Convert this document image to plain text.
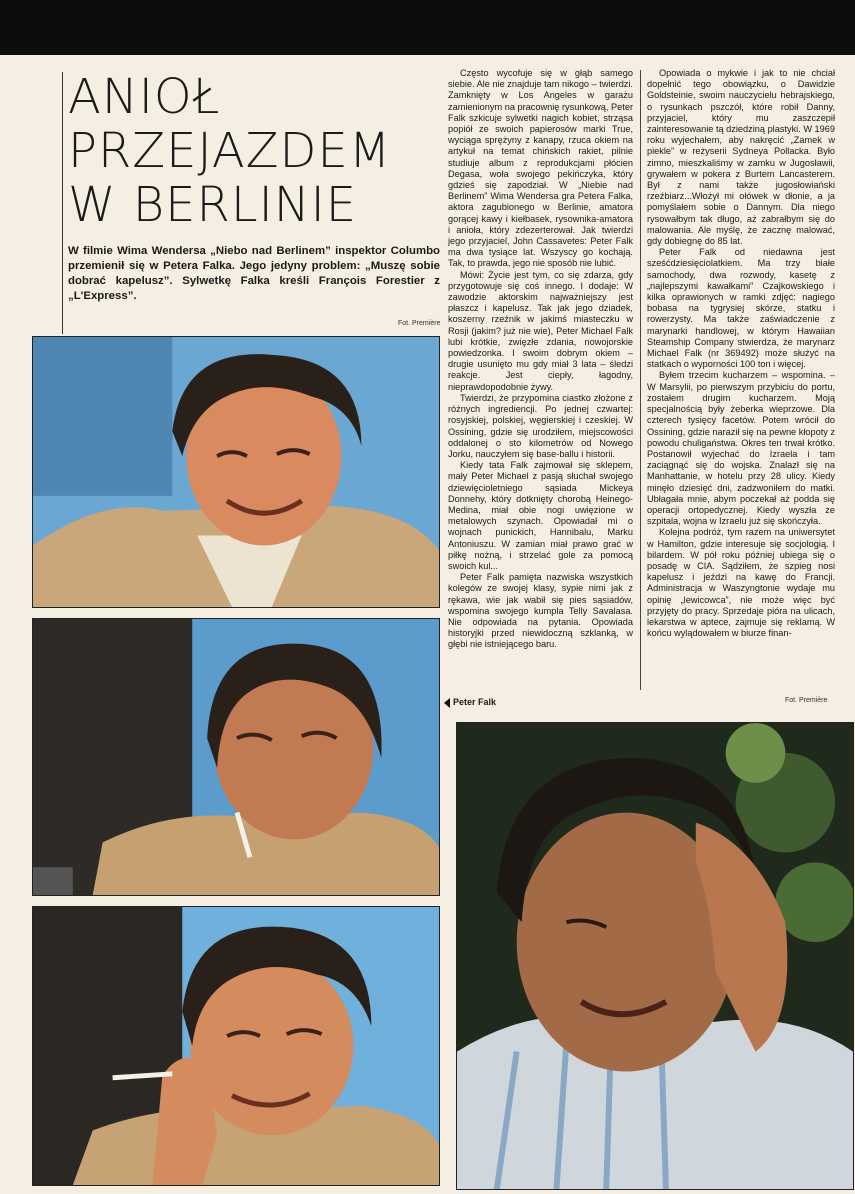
ANIOŁ
PRZEJAZDEM
W BERLINIE

W filmie Wima Wendersa „Niebo nad Berlinem” inspektor Columbo przemienił się w Petera Falka. Jego jedyny problem: „Muszę sobie dobrać kapelusz”. Sylwetkę Falka kreśli François Forestier z „L'Express”.

Fot. Première

Często wycofuje się w głąb samego siebie. Ale nie znajduje tam nikogo – twierdzi. Zamknięty w Los Angeles w garażu zamienionym na pracownię rysunkową, Peter Falk szkicuje sylwetki nagich kobiet, strząsa popiół ze swoich papierosów marki True, wyciąga sprężyny z kanapy, rzuca okiem na artykuł na temat chińskich rakiet, pilnie studiuje album z reprodukcjami płócien Degasa, woła swojego pekińczyka, który gdzieś się zapodział. W „Niebie nad Berlinem” Wima Wendersa gra Petera Falka, aktora zagubionego w Berlinie, amatora gorącej kawy i kiełbasek, rysownika-amatora i anioła, który zdezerterował. Jak twierdzi jego przyjaciel, John Cassavetes: Peter Falk ma dwa tysiące lat. Wszyscy go kochają. Tak, to prawda, jego nie sposób nie lubić.

Mówi: Życie jest tym, co się zdarza, gdy przygotowuje się coś innego. I dodaje: W zawodzie aktorskim najważniejszy jest płaszcz i kapelusz. Tak jak jego dziadek, koszerny rzeźnik w jakimś miasteczku w Rosji (jakim? już nie wie), Peter Michael Falk lubi krótkie, zwięzłe zdania, nowojorskie powiedzonka. I swoim dobrym okiem – drugie usunięto mu gdy miał 3 lata – śledzi reakcje. Jest ciepły, łagodny, nieprawdopodobnie żywy.

Twierdzi, że przypomina ciastko złożone z różnych ingrediencji. Po jednej czwartej: rosyjskiej, polskiej, węgierskiej i czeskiej. W Ossining, gdzie się urodziłem, miejscowości oddalonej o sto kilometrów od Nowego Jorku, nauczyłem się base-ballu i historii.

Kiedy tata Falk zajmował się sklepem, mały Peter Michael z pasją słuchał swojego dziewięcioletniego sąsiada Mickeya Donnehy, który dotknięty chorobą Heinego-Medina, miał obie nogi uwięzione w metalowych szynach. Opowiadał mi o wojnach punickich, Hannibalu, Marku Antoniuszu. W zamian miał prawo grać w piłkę nożną, i strzelać gole za pomocą swoich kul...

Peter Falk pamięta nazwiska wszystkich kolegów ze swojej klasy, sypie nimi jak z rękawa, wie jak wabił się pies sąsiadów, wspomina swojego kumpla Telly Savalasa. Nie odpowiada na pytania. Opowiada historyjki przed niewidoczną szklanką, w głębi nie istniejącego baru.

Opowiada o mykwie i jak to nie chciał dopełnić tego obowiązku, o Dawidzie Goldsteinie, swoim nauczycielu hebrajskiego, o rysunkach pszczół, które robił Danny, przyjaciel, który mu zaszczepił zainteresowanie tą dziedziną plastyki. W 1969 roku wyjechałem, aby nakręcić „Zamek w piekle” w reżyserii Sydneya Pollacka. Było zimno, mieszkaliśmy w zamku w Jugosławii, grywałem w pokera z Burtem Lancasterem. Był z nami także jugosłowiański rzeźbiarz...Włożył mi ołówek w dłonie, a ja pomyślałem sobie o Dannym. Dla niego rysowałbym tak długo, aż zabrałbym się do malowania. Ale myślę, że zacznę malować, gdy dobiegnę do 85 lat.

Peter Falk od niedawna jest sześćdziesięciolatkiem. Ma trzy białe samochody, dwa rozwody, kasetę z „najlepszymi kawałkami” Czajkowskiego i kilka oprawionych w ramki zdjęć: nagiego bobasa na tygrysiej skórze, statku i rowerzysty. Ma także zaświadczenie z marynarki handlowej, w którym Hawaiian Steamship Company stwierdza, że marynarz Michael Falk (nr 369492) może służyć na statkach o wyporności 100 ton i więcej.

Byłem trzecim kucharzem – wspomina. – W Marsylii, po pierwszym przybiciu do portu, zostałem drugim kucharzem. Moją specjalnością były żeberka wieprzowe. Dla czterech tysięcy facetów. Potem wrócił do Ossining, gdzie naraził się na pewne kłopoty z powodu chuligaństwa. Okres ten trwał krótko. Postanowił wyjechać do Izraela i tam zaciągnąć się do wojska. Znalazł się na Manhattanie, w hotelu przy 28 ulicy. Kiedy minęło dziesięć dni, zadzwoniłem do matki. Ubłagała mnie, abym poczekał aż podda się operacji ortopedycznej. Kiedy wyszła ze szpitala, wojna w Izraelu już się skończyła.

Kolejna podróż, tym razem na uniwersytet w Hamilton, gdzie interesuje się socjologią. I bilardem. W pół roku później ubiega się o posadę w CIA. Sądziłem, że szpieg nosi kapelusz i jeździ na kawę do Francji. Administracja w Waszyngtonie wydaje mu opinię „lewicowca”, nie może więc być przyjęty do pracy. Sprzedaje pióra na ulicach, lekarstwa w aptece, zajmuje się reklamą. W końcu wylądowałem w biurze finan-

Peter Falk	Fot. Première
